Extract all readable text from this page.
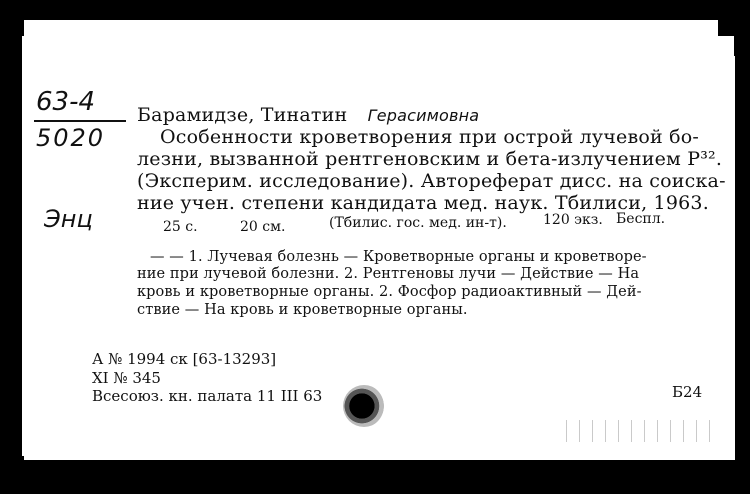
63-4
5020
Энц
Барамидзе, Тинатин Герасимовна
Особенности кроветворения при острой лучевой бо-
лезни, вызванной рентгеновским и бета-излучением P³².
(Эксперим. исследование). Автореферат дисс. на соиска-
ние учен. степени кандидата мед. наук. Тбилиси, 1963.
25 с.	20 см.	(Тбилис. гос. мед. ин-т).	120 экз. Беспл.
— — 1. Лучевая болезнь — Кроветворные органы и кроветворе-
ние при лучевой болезни. 2. Рентгеновы лучи — Действие — На
кровь и кроветворные органы. 2. Фосфор радиоактивный — Дей-
ствие — На кровь и кроветворные органы.
А № 1994 ск [63-13293]
XI № 345
Всесоюз. кн. палата 11 III 63	Б24
